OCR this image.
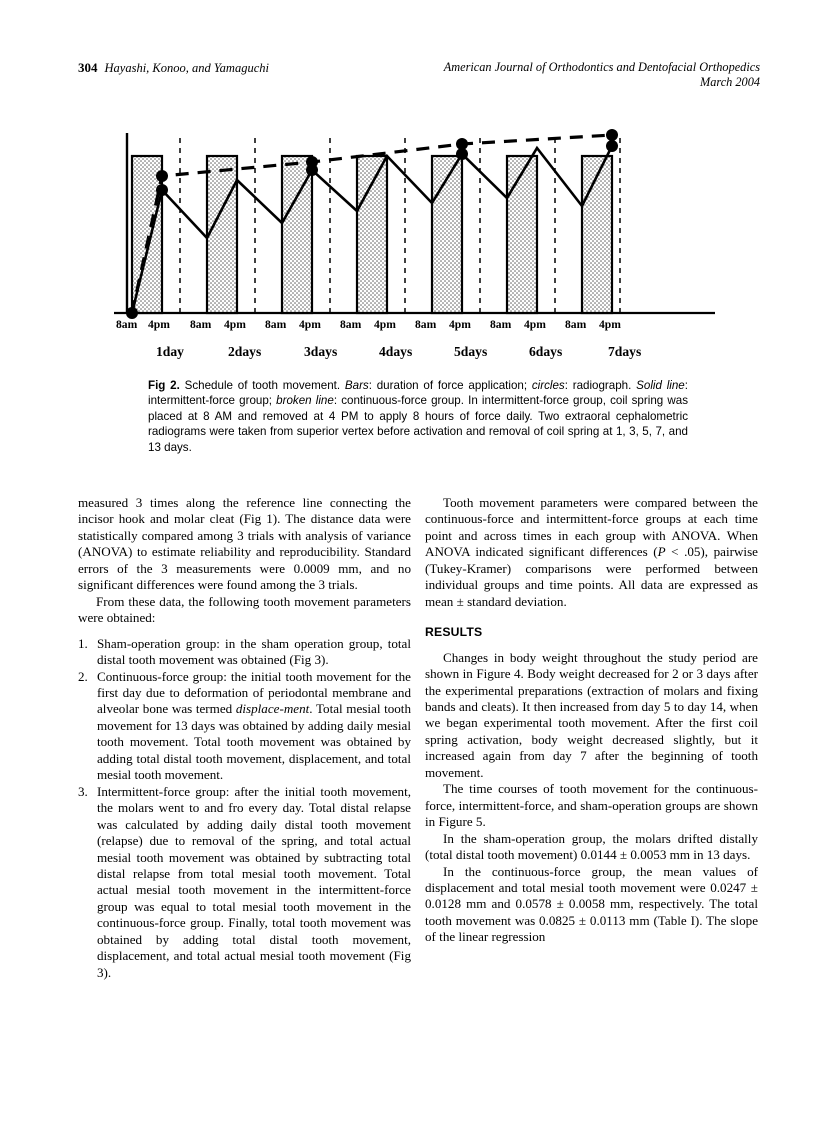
304 Hayashi, Konoo, and Yamaguchi	American Journal of Orthodontics and Dentofacial Orthopedics
March 2004
8am 4pm 8am 4pm 8am 4pm 8am 4pm 8am 4pm 8am 4pm 8am 4pm
1day	2days	3days	4days	5days	6days	7days
Fig 2. Schedule of tooth movement. Bars: duration of force application; circles: radiograph. Solid line: intermittent-force group; broken line: continuous-force group. In intermittent-force group, coil spring was placed at 8 AM and removed at 4 PM to apply 8 hours of force daily. Two extraoral cephalometric radiograms were taken from superior vertex before activation and removal of coil spring at 1, 3, 5, 7, and 13 days.

measured 3 times along the reference line connecting the incisor hook and molar cleat (Fig 1). The distance data were statistically compared among 3 trials with analysis of variance (ANOVA) to estimate reliability and reproducibility. Standard errors of the 3 measurements were 0.0009 mm, and no significant differences were found among the 3 trials.

From these data, the following tooth movement parameters were obtained:

1. Sham-operation group: in the sham operation group, total distal tooth movement was obtained (Fig 3).
2. Continuous-force group: the initial tooth movement for the first day due to deformation of periodontal membrane and alveolar bone was termed displace-ment. Total mesial tooth movement for 13 days was obtained by adding daily mesial tooth movement. Total tooth movement was obtained by adding total distal tooth movement, displacement, and total mesial tooth movement.
3. Intermittent-force group: after the initial tooth movement, the molars went to and fro every day. Total distal relapse was calculated by adding daily distal tooth movement (relapse) due to removal of the spring, and total actual mesial tooth movement was obtained by subtracting total distal relapse from total mesial tooth movement. Total actual mesial tooth movement in the intermittent-force group was equal to total mesial tooth movement in the continuous-force group. Finally, total tooth movement was obtained by adding total distal tooth movement, displacement, and total actual mesial tooth movement (Fig 3).

Tooth movement parameters were compared between the continuous-force and intermittent-force groups at each time point and across times in each group with ANOVA. When ANOVA indicated significant differences (P < .05), pairwise (Tukey-Kramer) comparisons were performed between individual groups and time points. All data are expressed as mean ± standard deviation.

RESULTS

Changes in body weight throughout the study period are shown in Figure 4. Body weight decreased for 2 or 3 days after the experimental preparations (extraction of molars and fixing bands and cleats). It then increased from day 5 to day 14, when we began experimental tooth movement. After the first coil spring activation, body weight decreased slightly, but it increased again from day 7 after the beginning of tooth movement.

The time courses of tooth movement for the continuous-force, intermittent-force, and sham-operation groups are shown in Figure 5.

In the sham-operation group, the molars drifted distally (total distal tooth movement) 0.0144 ± 0.0053 mm in 13 days.

In the continuous-force group, the mean values of displacement and total mesial tooth movement were 0.0247 ± 0.0128 mm and 0.0578 ± 0.0058 mm, respectively. The total tooth movement was 0.0825 ± 0.0113 mm (Table I). The slope of the linear regression
